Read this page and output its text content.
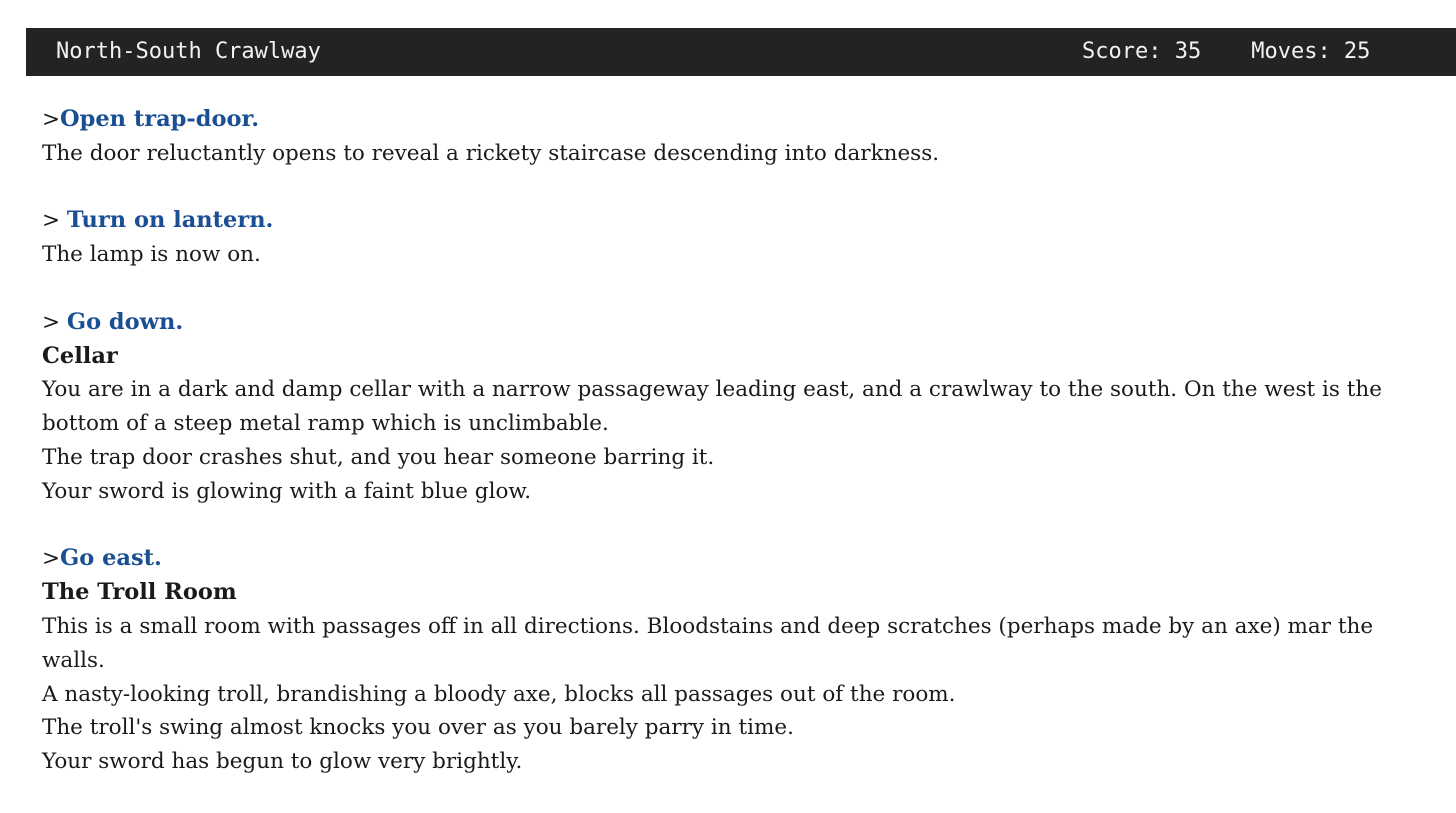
North-South Crawlway	Score: 35 Moves: 25
>Open trap-door.
The door reluctantly opens to reveal a rickety staircase descending into darkness.
> Turn on lantern.
The lamp is now on.
> Go down.
Cellar
You are in a dark and damp cellar with a narrow passageway leading east, and a crawlway to the south. On the west is the bottom of a steep metal ramp which is unclimbable.
The trap door crashes shut, and you hear someone barring it.
Your sword is glowing with a faint blue glow.
>Go east.
The Troll Room
This is a small room with passages off in all directions. Bloodstains and deep scratches (perhaps made by an axe) mar the walls.
A nasty-looking troll, brandishing a bloody axe, blocks all passages out of the room.
The troll's swing almost knocks you over as you barely parry in time.
Your sword has begun to glow very brightly.
